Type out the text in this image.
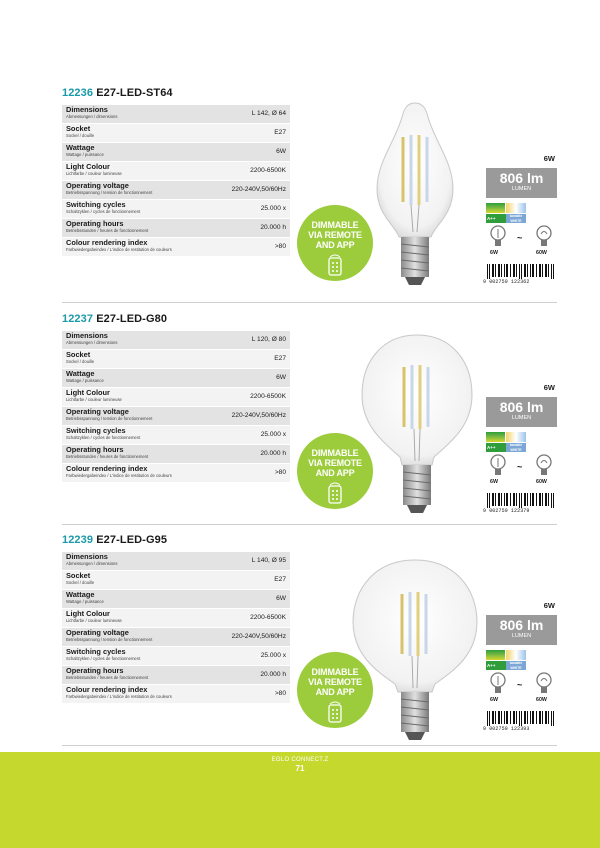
12236 E27-LED-ST64
Dimensions
Abmessungen / dimensions	L 142, Ø 64
Socket
Sockel / douille	E27
Wattage
Wattage / puissance	6W
Light Colour
Lichtfarbe / couleur lumineuse	2200-6500K
Operating voltage
Betriebsspannung / tension de fonctionnement	220-240V,50/60Hz
Switching cycles
Schaltzyklen / cycles de fonctionnement	25.000 x
Operating hours
Betriebsstunden / heures de fonctionnement	20.000 h
Colour rendering index
Farbwiedergabeindex / L'indice de restitution de couleurs	>80
DIMMABLE
VIA REMOTE
AND APP
6W
806 lm
LUMEN
A++	tunable
WHITE
6W
~
60W
9 002759 122362
12237 E27-LED-G80
Dimensions
Abmessungen / dimensions	L 120, Ø 80
Socket
Sockel / douille	E27
Wattage
Wattage / puissance	6W
Light Colour
Lichtfarbe / couleur lumineuse	2200-6500K
Operating voltage
Betriebsspannung / tension de fonctionnement	220-240V,50/60Hz
Switching cycles
Schaltzyklen / cycles de fonctionnement	25.000 x
Operating hours
Betriebsstunden / heures de fonctionnement	20.000 h
Colour rendering index
Farbwiedergabeindex / L'indice de restitution de couleurs	>80
DIMMABLE
VIA REMOTE
AND APP
6W
806 lm
LUMEN
A++	tunable
WHITE
6W
~
60W
9 002759 122379
12239 E27-LED-G95
Dimensions
Abmessungen / dimensions	L 140, Ø 95
Socket
Sockel / douille	E27
Wattage
Wattage / puissance	6W
Light Colour
Lichtfarbe / couleur lumineuse	2200-6500K
Operating voltage
Betriebsspannung / tension de fonctionnement	220-240V,50/60Hz
Switching cycles
Schaltzyklen / cycles de fonctionnement	25.000 x
Operating hours
Betriebsstunden / heures de fonctionnement	20.000 h
Colour rendering index
Farbwiedergabeindex / L'indice de restitution de couleurs	>80
DIMMABLE
VIA REMOTE
AND APP
6W
806 lm
LUMEN
A++	tunable
WHITE
6W
~
60W
9 002759 122393
EGLO CONNECT.Z
71
